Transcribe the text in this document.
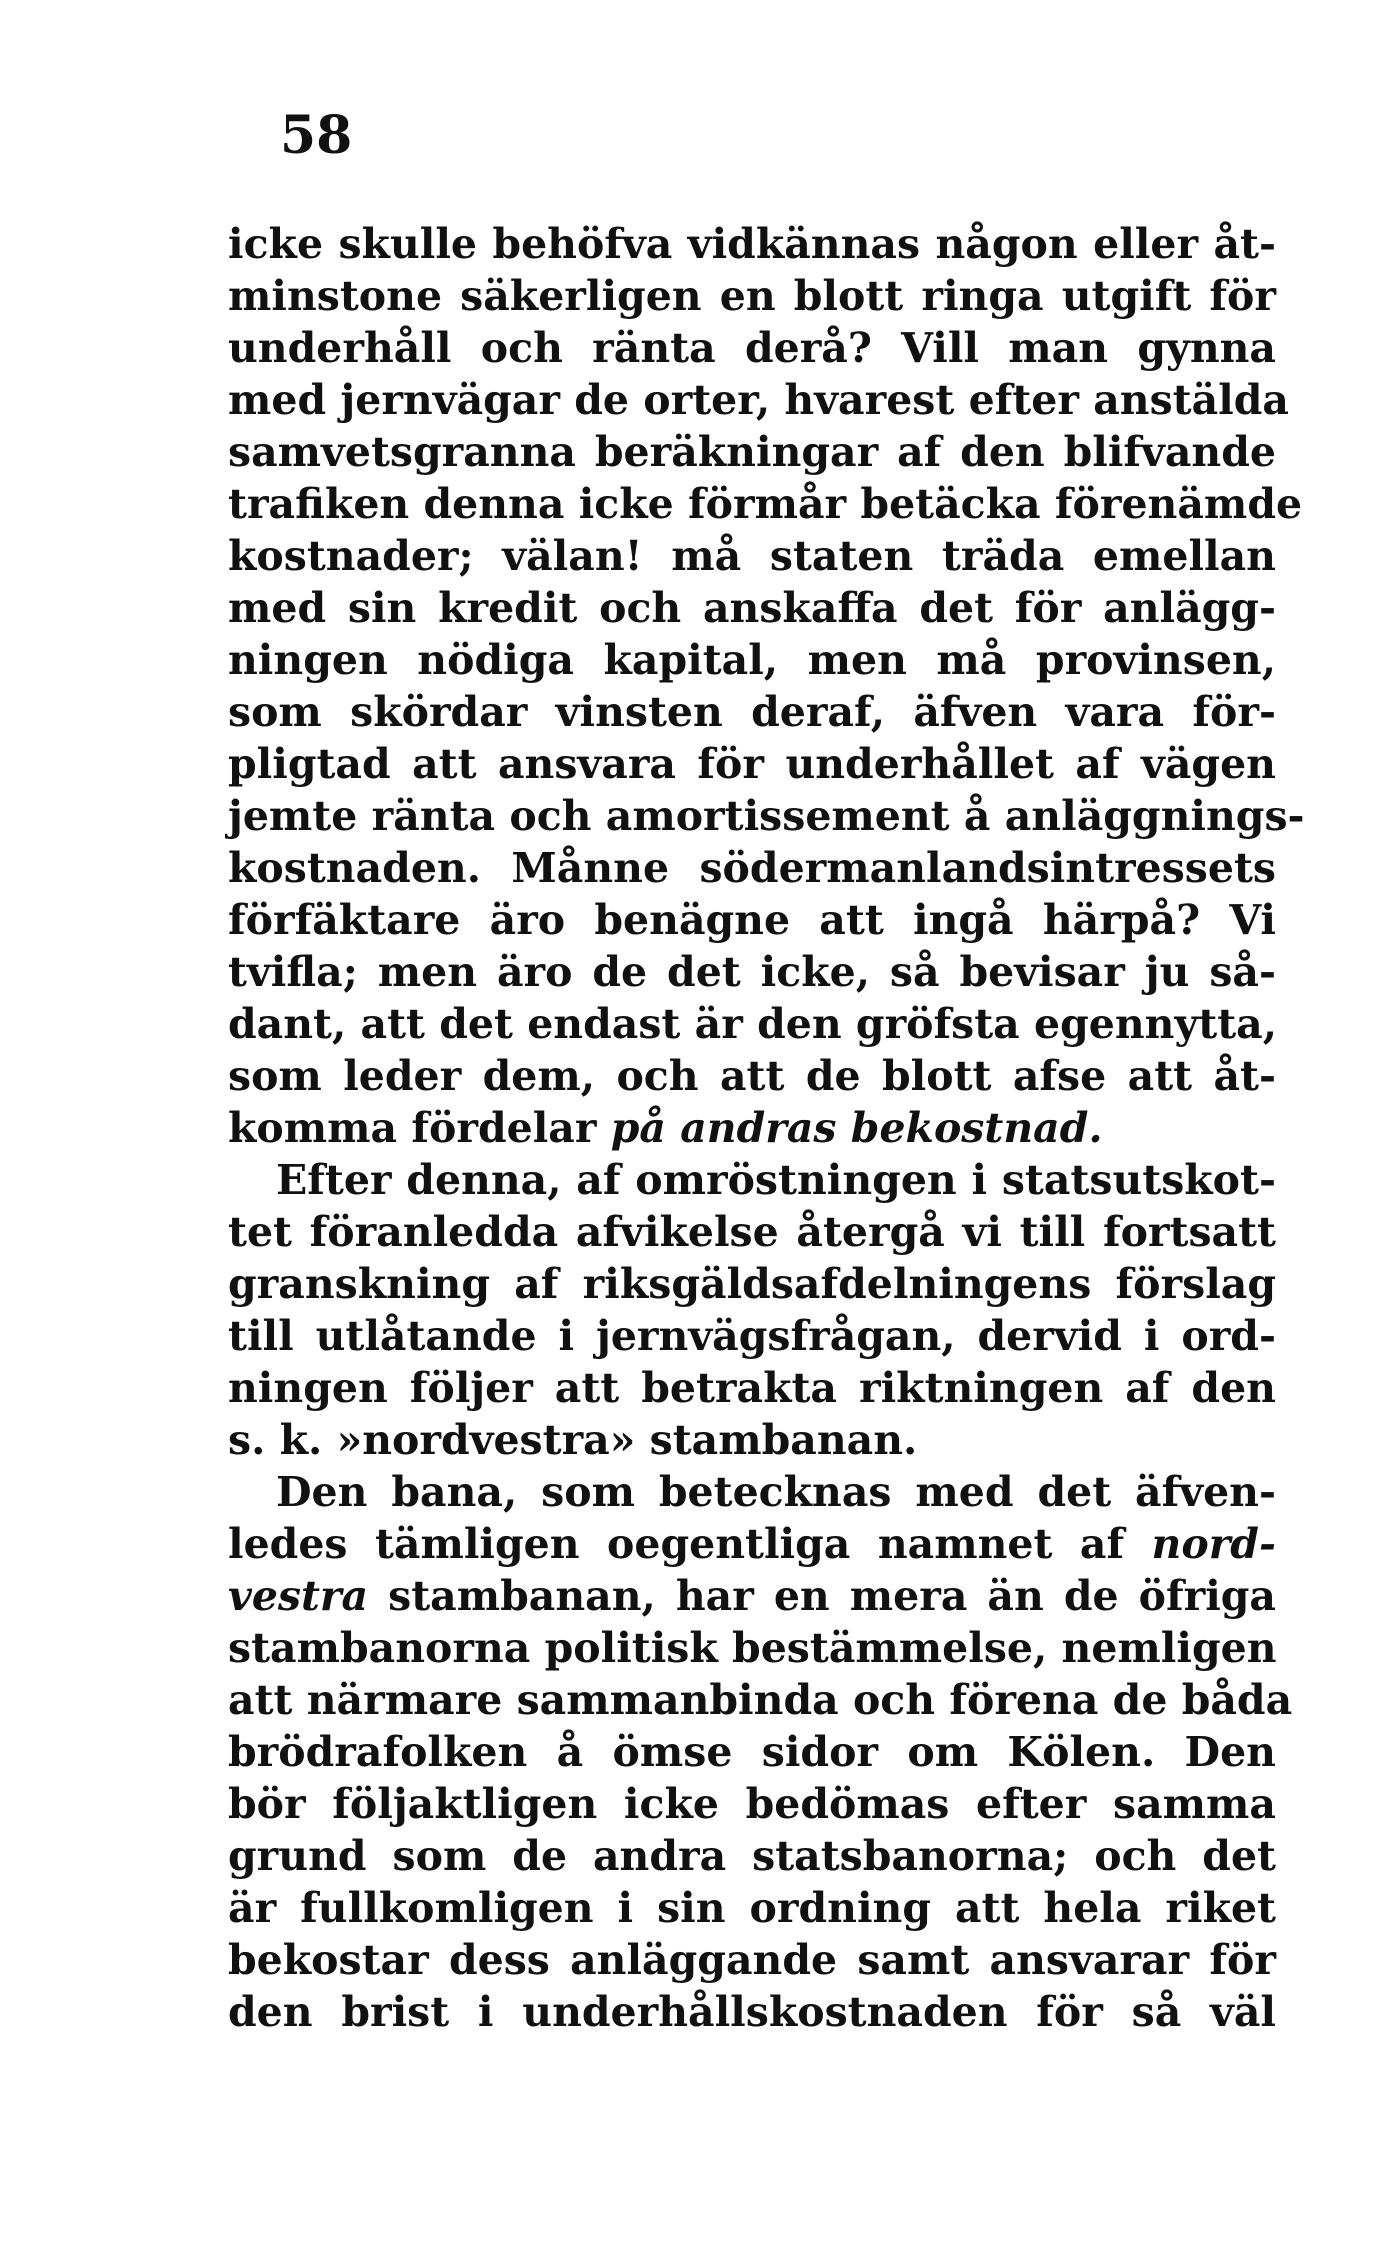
58
icke skulle behöfva vidkännas någon eller åt-
minstone säkerligen en blott ringa utgift för
underhåll och ränta derå? Vill man gynna
med jernvägar de orter, hvarest efter anstälda
samvetsgranna beräkningar af den blifvande
trafiken denna icke förmår betäcka förenämde
kostnader; välan! må staten träda emellan
med sin kredit och anskaffa det för anlägg-
ningen nödiga kapital, men må provinsen,
som skördar vinsten deraf, äfven vara för-
pligtad att ansvara för underhållet af vägen
jemte ränta och amortissement å anläggnings-
kostnaden. Månne södermanlandsintressets
förfäktare äro benägne att ingå härpå? Vi
tvifla; men äro de det icke, så bevisar ju så-
dant, att det endast är den gröfsta egennytta,
som leder dem, och att de blott afse att åt-
komma fördelar på andras bekostnad.
Efter denna, af omröstningen i statsutskot-
tet föranledda afvikelse återgå vi till fortsatt
granskning af riksgäldsafdelningens förslag
till utlåtande i jernvägsfrågan, dervid i ord-
ningen följer att betrakta riktningen af den
s. k. »nordvestra» stambanan.
Den bana, som betecknas med det äfven-
ledes tämligen oegentliga namnet af nord-
vestra stambanan, har en mera än de öfriga
stambanorna politisk bestämmelse, nemligen
att närmare sammanbinda och förena de båda
brödrafolken å ömse sidor om Kölen. Den
bör följaktligen icke bedömas efter samma
grund som de andra statsbanorna; och det
är fullkomligen i sin ordning att hela riket
bekostar dess anläggande samt ansvarar för
den brist i underhållskostnaden för så väl
